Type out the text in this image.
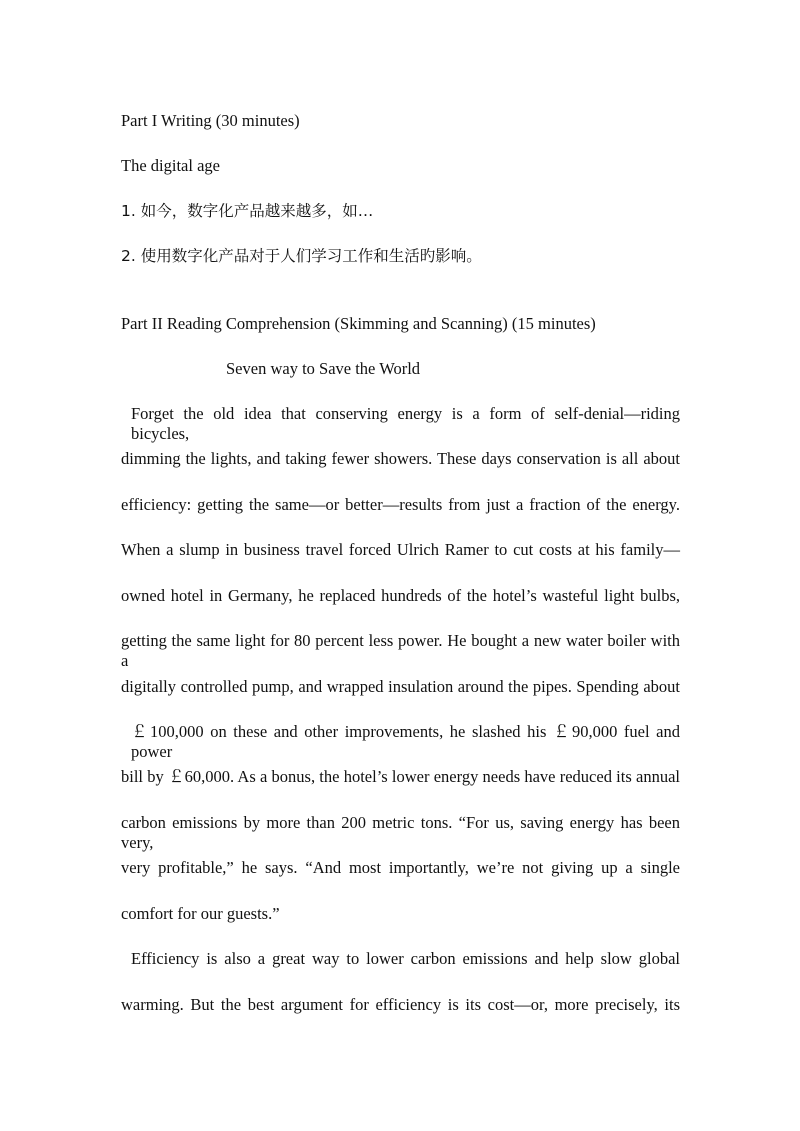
Part I Writing (30 minutes)
The digital age
1. 如今，数字化产品越来越多，如…
2. 使用数字化产品对于人们学习工作和生活旳影响。
Part II Reading Comprehension (Skimming and Scanning) (15 minutes)
Seven way to Save the World
Forget the old idea that conserving energy is a form of self-denial—riding bicycles,
dimming the lights, and taking fewer showers. These days conservation is all about
efficiency: getting the same—or better—results from just a fraction of the energy.
When a slump in business travel forced Ulrich Ramer to cut costs at his family—
owned hotel in Germany, he replaced hundreds of the hotel’s wasteful light bulbs,
getting the same light for 80 percent less power. He bought a new water boiler with a
digitally controlled pump, and wrapped insulation around the pipes. Spending about
￡100,000 on these and other improvements, he slashed his ￡90,000 fuel and power
bill by ￡60,000. As a bonus, the hotel’s lower energy needs have reduced its annual
carbon emissions by more than 200 metric tons. “For us, saving energy has been very,
very profitable,” he says. “And most importantly, we’re not giving up a single
comfort for our guests.”
Efficiency is also a great way to lower carbon emissions and help slow global
warming. But the best argument for efficiency is its cost—or, more precisely, its
